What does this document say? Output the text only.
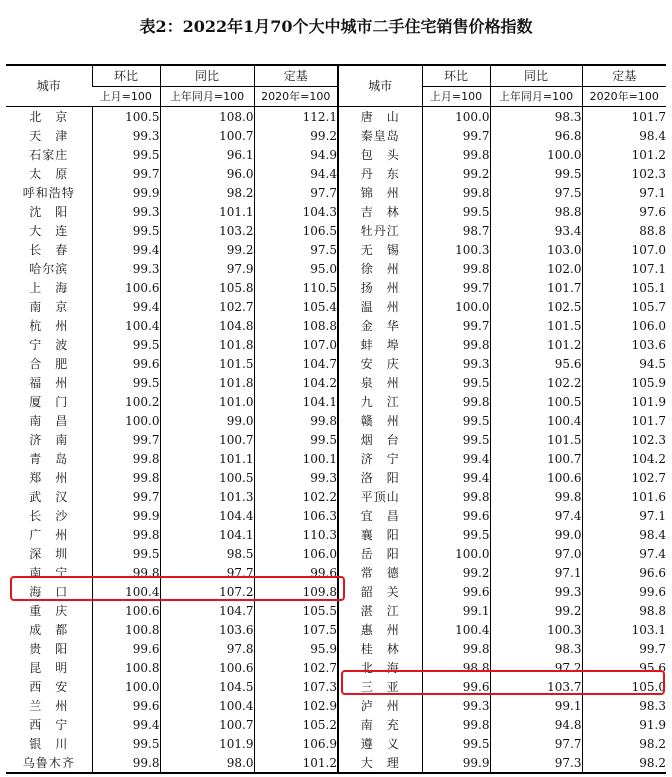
表2：2022年1月70个大中城市二手住宅销售价格指数
城市	环比	同比	定基	城市	环比	同比	定基
	上月=100	上年同月=100	2020年=100		上月=100	上年同月=100	2020年=100
北　京	100.5	108.0	112.1	唐　山	100.0	98.3	101.7
天　津	99.3	100.7	99.2	秦皇岛	99.7	96.8	98.4
石家庄	99.5	96.1	94.9	包　头	99.8	100.0	101.2
太　原	99.7	96.0	94.4	丹　东	99.2	99.5	102.3
呼和浩特	99.9	98.2	97.7	锦　州	99.8	97.5	97.1
沈　阳	99.3	101.1	104.3	吉　林	99.5	98.8	97.6
大　连	99.5	103.2	106.5	牡丹江	98.7	93.4	88.8
长　春	99.4	99.2	97.5	无　锡	100.3	103.0	107.0
哈尔滨	99.3	97.9	95.0	徐　州	99.8	102.0	107.1
上　海	100.6	105.8	110.5	扬　州	99.7	101.7	105.1
南　京	99.4	102.7	105.4	温　州	100.0	102.5	105.7
杭　州	100.4	104.8	108.8	金　华	99.7	101.5	106.0
宁　波	99.5	101.8	107.0	蚌　埠	99.8	101.2	103.6
合　肥	99.6	101.5	104.7	安　庆	99.3	95.6	94.5
福　州	99.5	101.8	104.2	泉　州	99.5	102.2	105.9
厦　门	100.2	101.0	104.1	九　江	99.8	100.5	101.9
南　昌	100.0	99.0	99.8	赣　州	99.5	100.4	101.7
济　南	99.7	100.7	99.5	烟　台	99.5	101.5	102.3
青　岛	99.8	101.1	100.1	济　宁	99.4	100.7	104.2
郑　州	99.8	100.5	99.3	洛　阳	99.4	100.6	102.7
武　汉	99.7	101.3	102.2	平顶山	99.8	99.8	101.6
长　沙	99.9	104.4	106.3	宜　昌	99.6	97.4	97.1
广　州	99.8	104.1	110.3	襄　阳	99.5	99.0	98.4
深　圳	99.5	98.5	106.0	岳　阳	100.0	97.0	97.4
南　宁	99.8	97.7	99.6	常　德	99.2	97.1	96.6
海　口	100.4	107.2	109.8	韶　关	99.6	99.3	99.6
重　庆	100.6	104.7	105.5	湛　江	99.1	99.2	98.8
成　都	100.8	103.6	107.5	惠　州	100.4	100.3	103.1
贵　阳	99.6	97.8	95.9	桂　林	99.8	98.3	99.7
昆　明	100.8	100.6	102.7	北　海	98.8	97.2	95.6
西　安	100.0	104.5	107.3	三　亚	99.6	103.7	105.0
兰　州	99.6	100.4	102.9	泸　州	99.3	99.1	98.3
西　宁	99.4	100.7	105.2	南　充	99.8	94.8	91.9
银　川	99.5	101.9	106.9	遵　义	99.5	97.7	98.2
乌鲁木齐	99.8	98.0	101.2	大　理	99.9	97.3	98.2
